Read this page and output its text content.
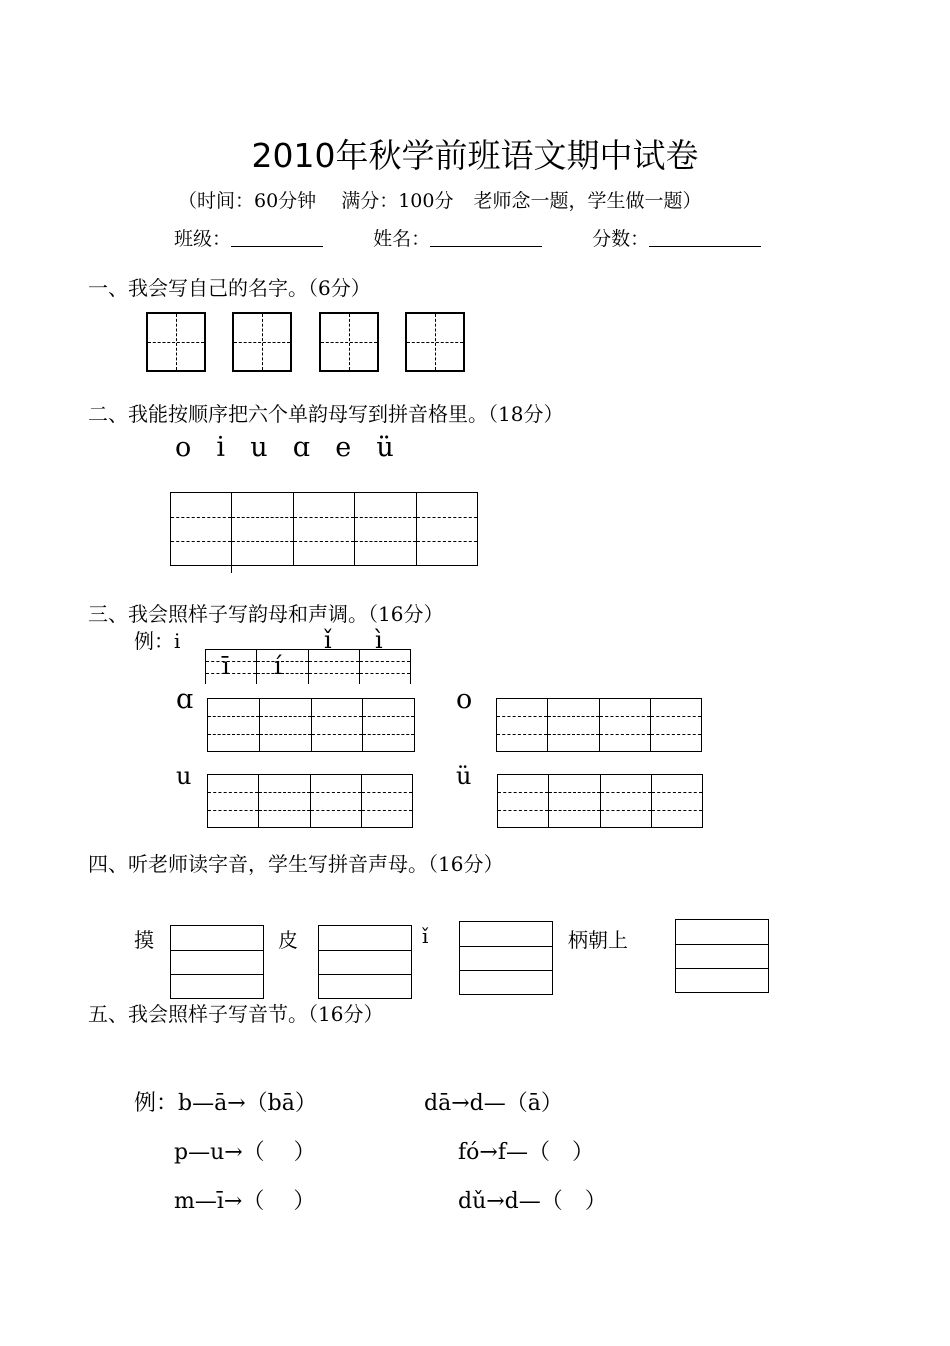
2010年秋学前班语文期中试卷
（时间：60分钟　 满分：100分 老师念一题，学生做一题）
班级：	姓名：	分数：
一、我会写自己的名字。（6分）
二、我能按顺序把六个单韵母写到拼音格里。（18分）
o  i  u  ɑ  e  ü
三、我会照样子写韵母和声调。（16分）
例：i
ī í
ǐ ì
ɑ	o
u	ü
四、听老师读字音，学生写拼音声母。（16分）
摸	皮	ǐ	柄朝上
五、我会照样子写音节。（16分）
例：b—ā→（bā）	dā→d—（ā）
p—u→（　 ）	fó→f—（　）
m—ī→（　 ）	dǔ→d—（　）
